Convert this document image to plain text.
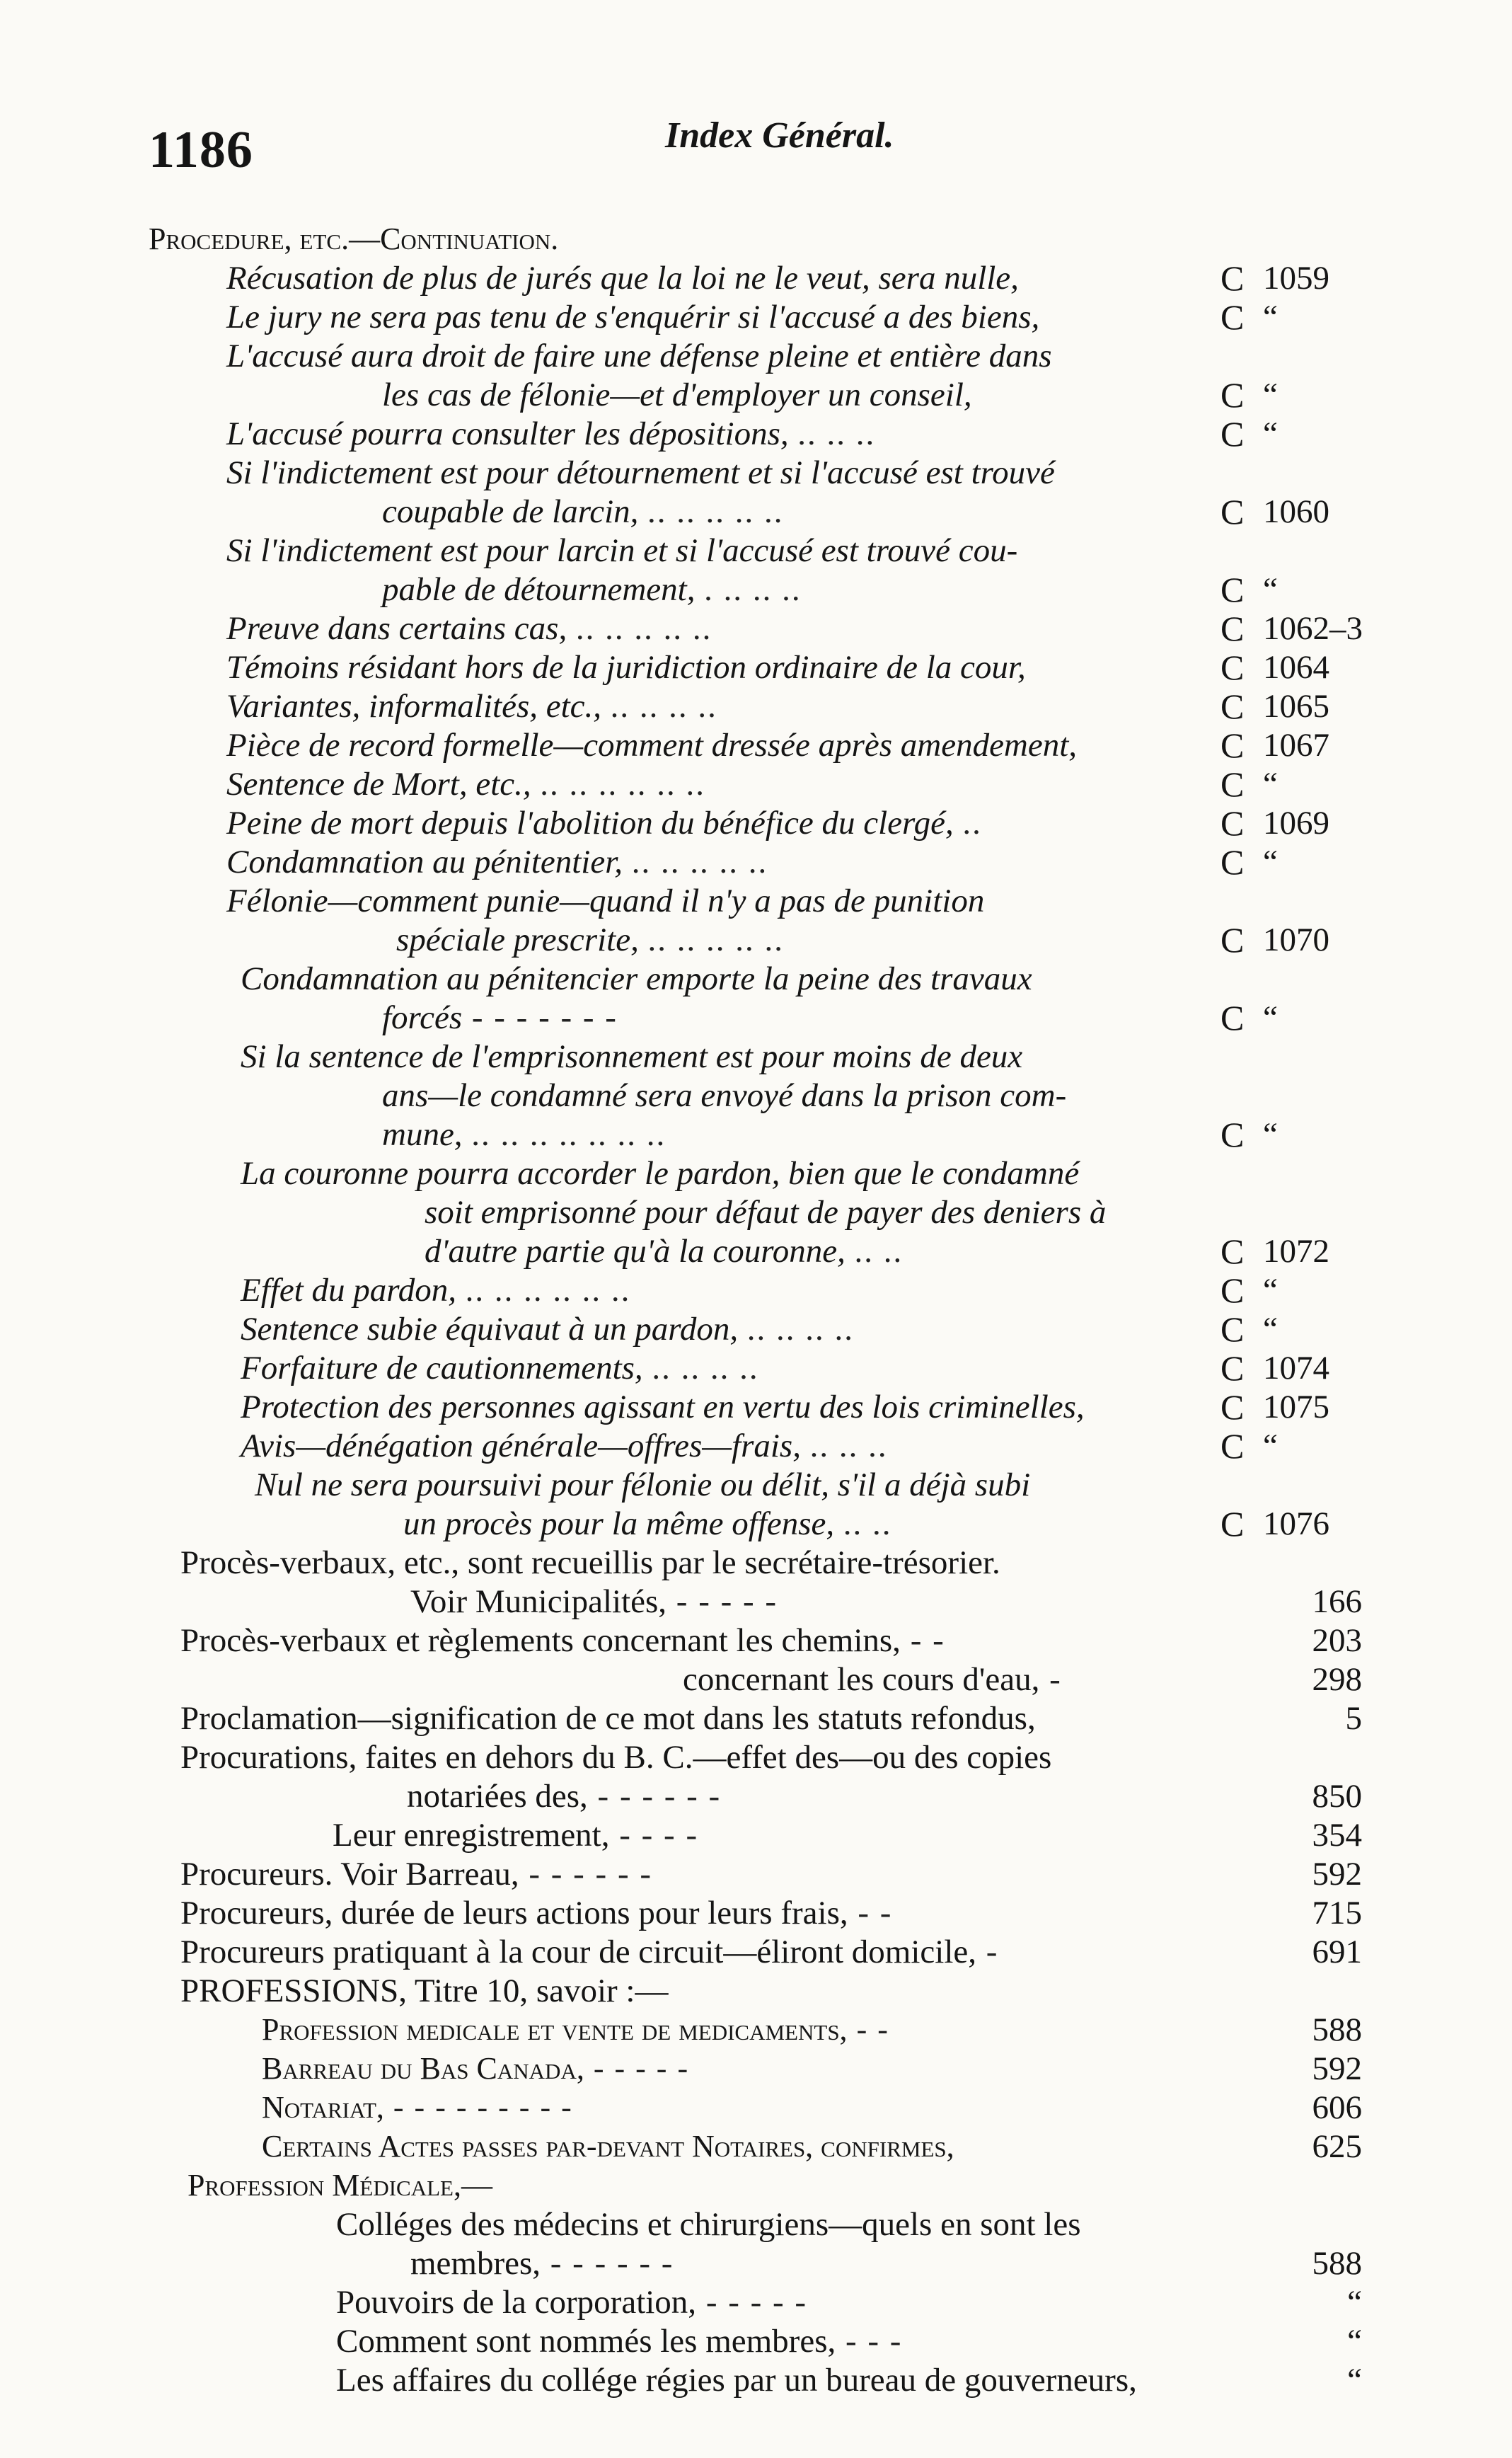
1186	Index Général.
Procedure, etc.—Continuation.
Récusation de plus de jurés que la loi ne le veut, sera nulle,	C 1059
Le jury ne sera pas tenu de s'enquérir si l'accusé a des biens,	C “
L'accusé aura droit de faire une défense pleine et entière dans
les cas de félonie—et d'employer un conseil,	C “
L'accusé pourra consulter les dépositions, .. .. ..	C “
Si l'indictement est pour détournement et si l'accusé est trouvé
coupable de larcin, .. .. .. .. ..	C 1060
Si l'indictement est pour larcin et si l'accusé est trouvé cou-
pable de détournement, . .. .. ..	C “
Preuve dans certains cas, .. .. .. .. ..	C 1062–3
Témoins résidant hors de la juridiction ordinaire de la cour,	C 1064
Variantes, informalités, etc., .. .. .. ..	C 1065
Pièce de record formelle—comment dressée après amendement,	C 1067
Sentence de Mort, etc., .. .. .. .. .. ..	C “
Peine de mort depuis l'abolition du bénéfice du clergé, ..	C 1069
Condamnation au pénitentier, .. .. .. .. ..	C “
Félonie—comment punie—quand il n'y a pas de punition
spéciale prescrite, .. .. .. .. ..	C 1070
Condamnation au pénitencier emporte la peine des travaux
forcés - - - - - - -	C “
Si la sentence de l'emprisonnement est pour moins de deux
ans—le condamné sera envoyé dans la prison com-
mune, .. .. .. .. .. .. ..	C “
La couronne pourra accorder le pardon, bien que le condamné
soit emprisonné pour défaut de payer des deniers à
d'autre partie qu'à la couronne, .. ..	C 1072
Effet du pardon, .. .. .. .. .. ..	C “
Sentence subie équivaut à un pardon, .. .. .. ..	C “
Forfaiture de cautionnements, .. .. .. ..	C 1074
Protection des personnes agissant en vertu des lois criminelles,	C 1075
Avis—dénégation générale—offres—frais, .. .. ..	C “
Nul ne sera poursuivi pour félonie ou délit, s'il a déjà subi
un procès pour la même offense, .. ..	C 1076
Procès-verbaux, etc., sont recueillis par le secrétaire-trésorier.
Voir Municipalités, - - - - -	166
Procès-verbaux et règlements concernant les chemins, - -	203
concernant les cours d'eau, -	298
Proclamation—signification de ce mot dans les statuts refondus,	5
Procurations, faites en dehors du B. C.—effet des—ou des copies
notariées des, - - - - - -	850
Leur enregistrement, - - - -	354
Procureurs. Voir Barreau, - - - - - -	592
Procureurs, durée de leurs actions pour leurs frais, - -	715
Procureurs pratiquant à la cour de circuit—éliront domicile, -	691
PROFESSIONS, Titre 10, savoir :—
Profession medicale et vente de medicaments, - -	588
Barreau du Bas Canada, - - - - -	592
Notariat, - - - - - - - - -	606
Certains Actes passes par-devant Notaires, confirmes,	625
Profession Médicale,—
Colléges des médecins et chirurgiens—quels en sont les
membres, - - - - - -	588
Pouvoirs de la corporation, - - - - -	“
Comment sont nommés les membres, - - -	“
Les affaires du collége régies par un bureau de gouverneurs,	“
